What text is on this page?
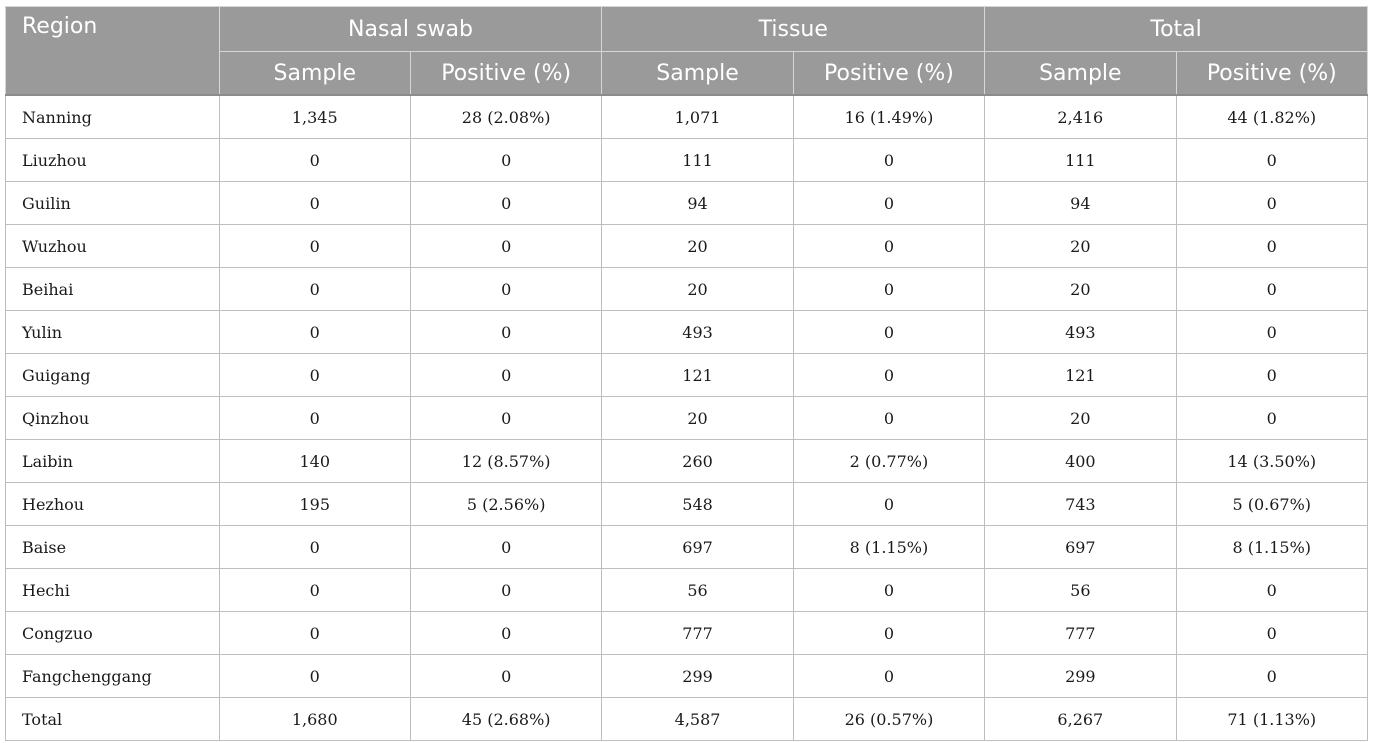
Region	Nasal swab		Tissue		Total	
	Sample	Positive (%)	Sample	Positive (%)	Sample	Positive (%)
Nanning	1,345	28 (2.08%)	1,071	16 (1.49%)	2,416	44 (1.82%)
Liuzhou	0	0	111	0	111	0
Guilin	0	0	94	0	94	0
Wuzhou	0	0	20	0	20	0
Beihai	0	0	20	0	20	0
Yulin	0	0	493	0	493	0
Guigang	0	0	121	0	121	0
Qinzhou	0	0	20	0	20	0
Laibin	140	12 (8.57%)	260	2 (0.77%)	400	14 (3.50%)
Hezhou	195	5 (2.56%)	548	0	743	5 (0.67%)
Baise	0	0	697	8 (1.15%)	697	8 (1.15%)
Hechi	0	0	56	0	56	0
Congzuo	0	0	777	0	777	0
Fangchenggang	0	0	299	0	299	0
Total	1,680	45 (2.68%)	4,587	26 (0.57%)	6,267	71 (1.13%)
